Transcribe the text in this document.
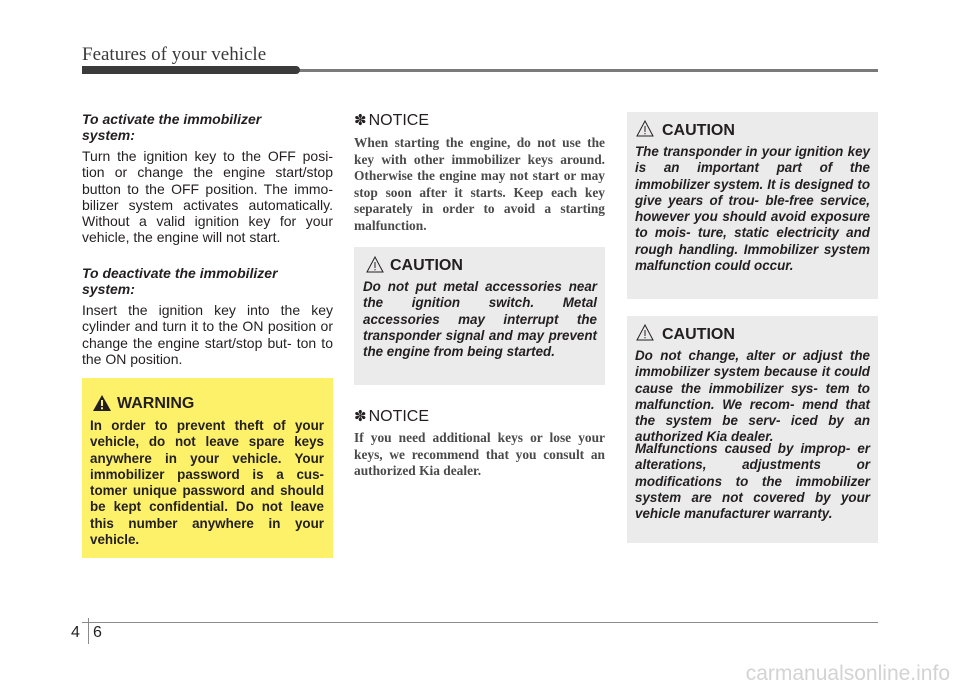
Features of your vehicle
To activate the immobilizer system:
Turn the ignition key to the OFF posi- tion or change the engine start/stop button to the OFF position. The immo- bilizer system activates automatically. Without a valid ignition key for your vehicle, the engine will not start.
To deactivate the immobilizer system:
Insert the ignition key into the key cylinder and turn it to the ON position or change the engine start/stop but- ton to the ON position.
WARNING
In order to prevent theft of your vehicle, do not leave spare keys anywhere in your vehicle. Your immobilizer password is a cus- tomer unique password and should be kept confidential. Do not leave this number anywhere in your vehicle.
✽ NOTICE
When starting the engine, do not use the key with other immobilizer keys around. Otherwise the engine may not start or may stop soon after it starts. Keep each key separately in order to avoid a starting malfunction.
CAUTION
Do not put metal accessories near the ignition switch. Metal accessories may interrupt the transponder signal and may prevent the engine from being started.
✽ NOTICE
If you need additional keys or lose your keys, we recommend that you consult an authorized Kia dealer.
CAUTION
The transponder in your ignition key is an important part of the immobilizer system. It is designed to give years of trou- ble-free service, however you should avoid exposure to mois- ture, static electricity and rough handling. Immobilizer system malfunction could occur.
CAUTION
Do not change, alter or adjust the immobilizer system because it could cause the immobilizer sys- tem to malfunction. We recom- mend that the system be serv- iced by an authorized Kia dealer.
Malfunctions caused by improp- er alterations, adjustments or modifications to the immobilizer system are not covered by your vehicle manufacturer warranty.
4 6
carmanualsonline.info
